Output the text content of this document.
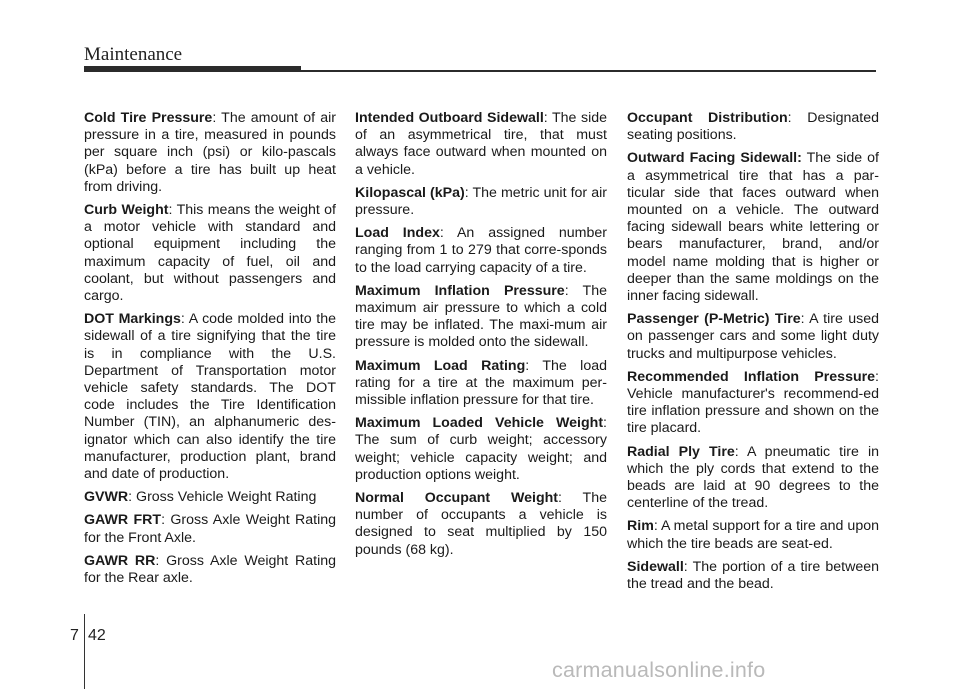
Maintenance

Cold Tire Pressure: The amount of air pressure in a tire, measured in pounds per square inch (psi) or kilo-pascals (kPa) before a tire has built up heat from driving.

Curb Weight: This means the weight of a motor vehicle with standard and optional equipment including the maximum capacity of fuel, oil and coolant, but without passengers and cargo.

DOT Markings: A code molded into the sidewall of a tire signifying that the tire is in compliance with the U.S. Department of Transportation motor vehicle safety standards. The DOT code includes the Tire Identification Number (TIN), an alphanumeric des-ignator which can also identify the tire manufacturer, production plant, brand and date of production.

GVWR: Gross Vehicle Weight Rating

GAWR FRT: Gross Axle Weight Rating for the Front Axle.

GAWR RR: Gross Axle Weight Rating for the Rear axle.

Intended Outboard Sidewall: The side of an asymmetrical tire, that must always face outward when mounted on a vehicle.

Kilopascal (kPa): The metric unit for air pressure.

Load Index: An assigned number ranging from 1 to 279 that corre-sponds to the load carrying capacity of a tire.

Maximum Inflation Pressure: The maximum air pressure to which a cold tire may be inflated. The maxi-mum air pressure is molded onto the sidewall.

Maximum Load Rating: The load rating for a tire at the maximum per-missible inflation pressure for that tire.

Maximum Loaded Vehicle Weight: The sum of curb weight; accessory weight; vehicle capacity weight; and production options weight.

Normal Occupant Weight: The number of occupants a vehicle is designed to seat multiplied by 150 pounds (68 kg).

Occupant Distribution: Designated seating positions.

Outward Facing Sidewall: The side of a asymmetrical tire that has a par-ticular side that faces outward when mounted on a vehicle. The outward facing sidewall bears white lettering or bears manufacturer, brand, and/or model name molding that is higher or deeper than the same moldings on the inner facing sidewall.

Passenger (P-Metric) Tire: A tire used on passenger cars and some light duty trucks and multipurpose vehicles.

Recommended Inflation Pressure: Vehicle manufacturer's recommend-ed tire inflation pressure and shown on the tire placard.

Radial Ply Tire: A pneumatic tire in which the ply cords that extend to the beads are laid at 90 degrees to the centerline of the tread.

Rim: A metal support for a tire and upon which the tire beads are seat-ed.

Sidewall: The portion of a tire between the tread and the bead.

7 42
carmanualsonline.info
